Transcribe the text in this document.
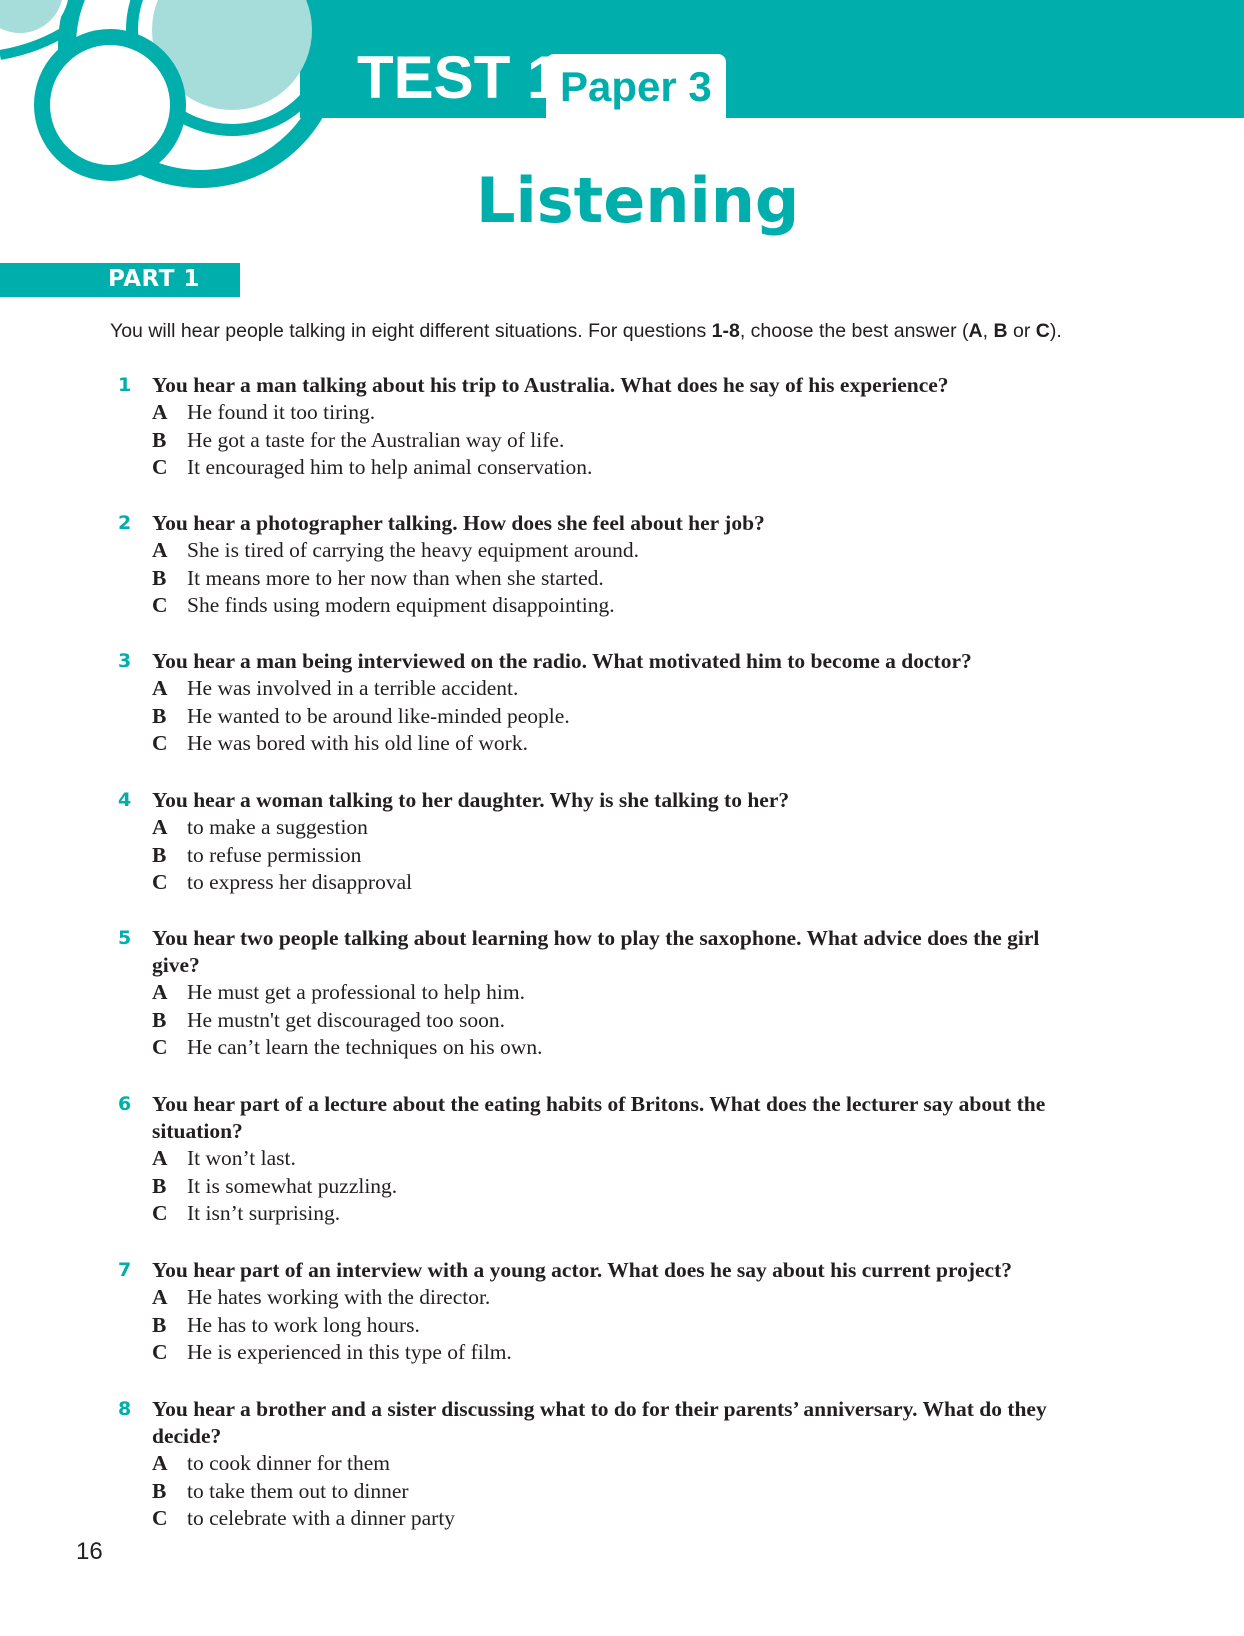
TEST 1 Paper 3
Listening
PART 1
You will hear people talking in eight different situations. For questions 1-8, choose the best answer (A, B or C).
1 You hear a man talking about his trip to Australia. What does he say of his experience?
A He found it too tiring.
B He got a taste for the Australian way of life.
C It encouraged him to help animal conservation.
2 You hear a photographer talking. How does she feel about her job?
A She is tired of carrying the heavy equipment around.
B It means more to her now than when she started.
C She finds using modern equipment disappointing.
3 You hear a man being interviewed on the radio. What motivated him to become a doctor?
A He was involved in a terrible accident.
B He wanted to be around like-minded people.
C He was bored with his old line of work.
4 You hear a woman talking to her daughter. Why is she talking to her?
A to make a suggestion
B to refuse permission
C to express her disapproval
5 You hear two people talking about learning how to play the saxophone. What advice does the girl give?
A He must get a professional to help him.
B He mustn't get discouraged too soon.
C He can’t learn the techniques on his own.
6 You hear part of a lecture about the eating habits of Britons. What does the lecturer say about the situation?
A It won’t last.
B It is somewhat puzzling.
C It isn’t surprising.
7 You hear part of an interview with a young actor. What does he say about his current project?
A He hates working with the director.
B He has to work long hours.
C He is experienced in this type of film.
8 You hear a brother and a sister discussing what to do for their parents’ anniversary. What do they decide?
A to cook dinner for them
B to take them out to dinner
C to celebrate with a dinner party
16
